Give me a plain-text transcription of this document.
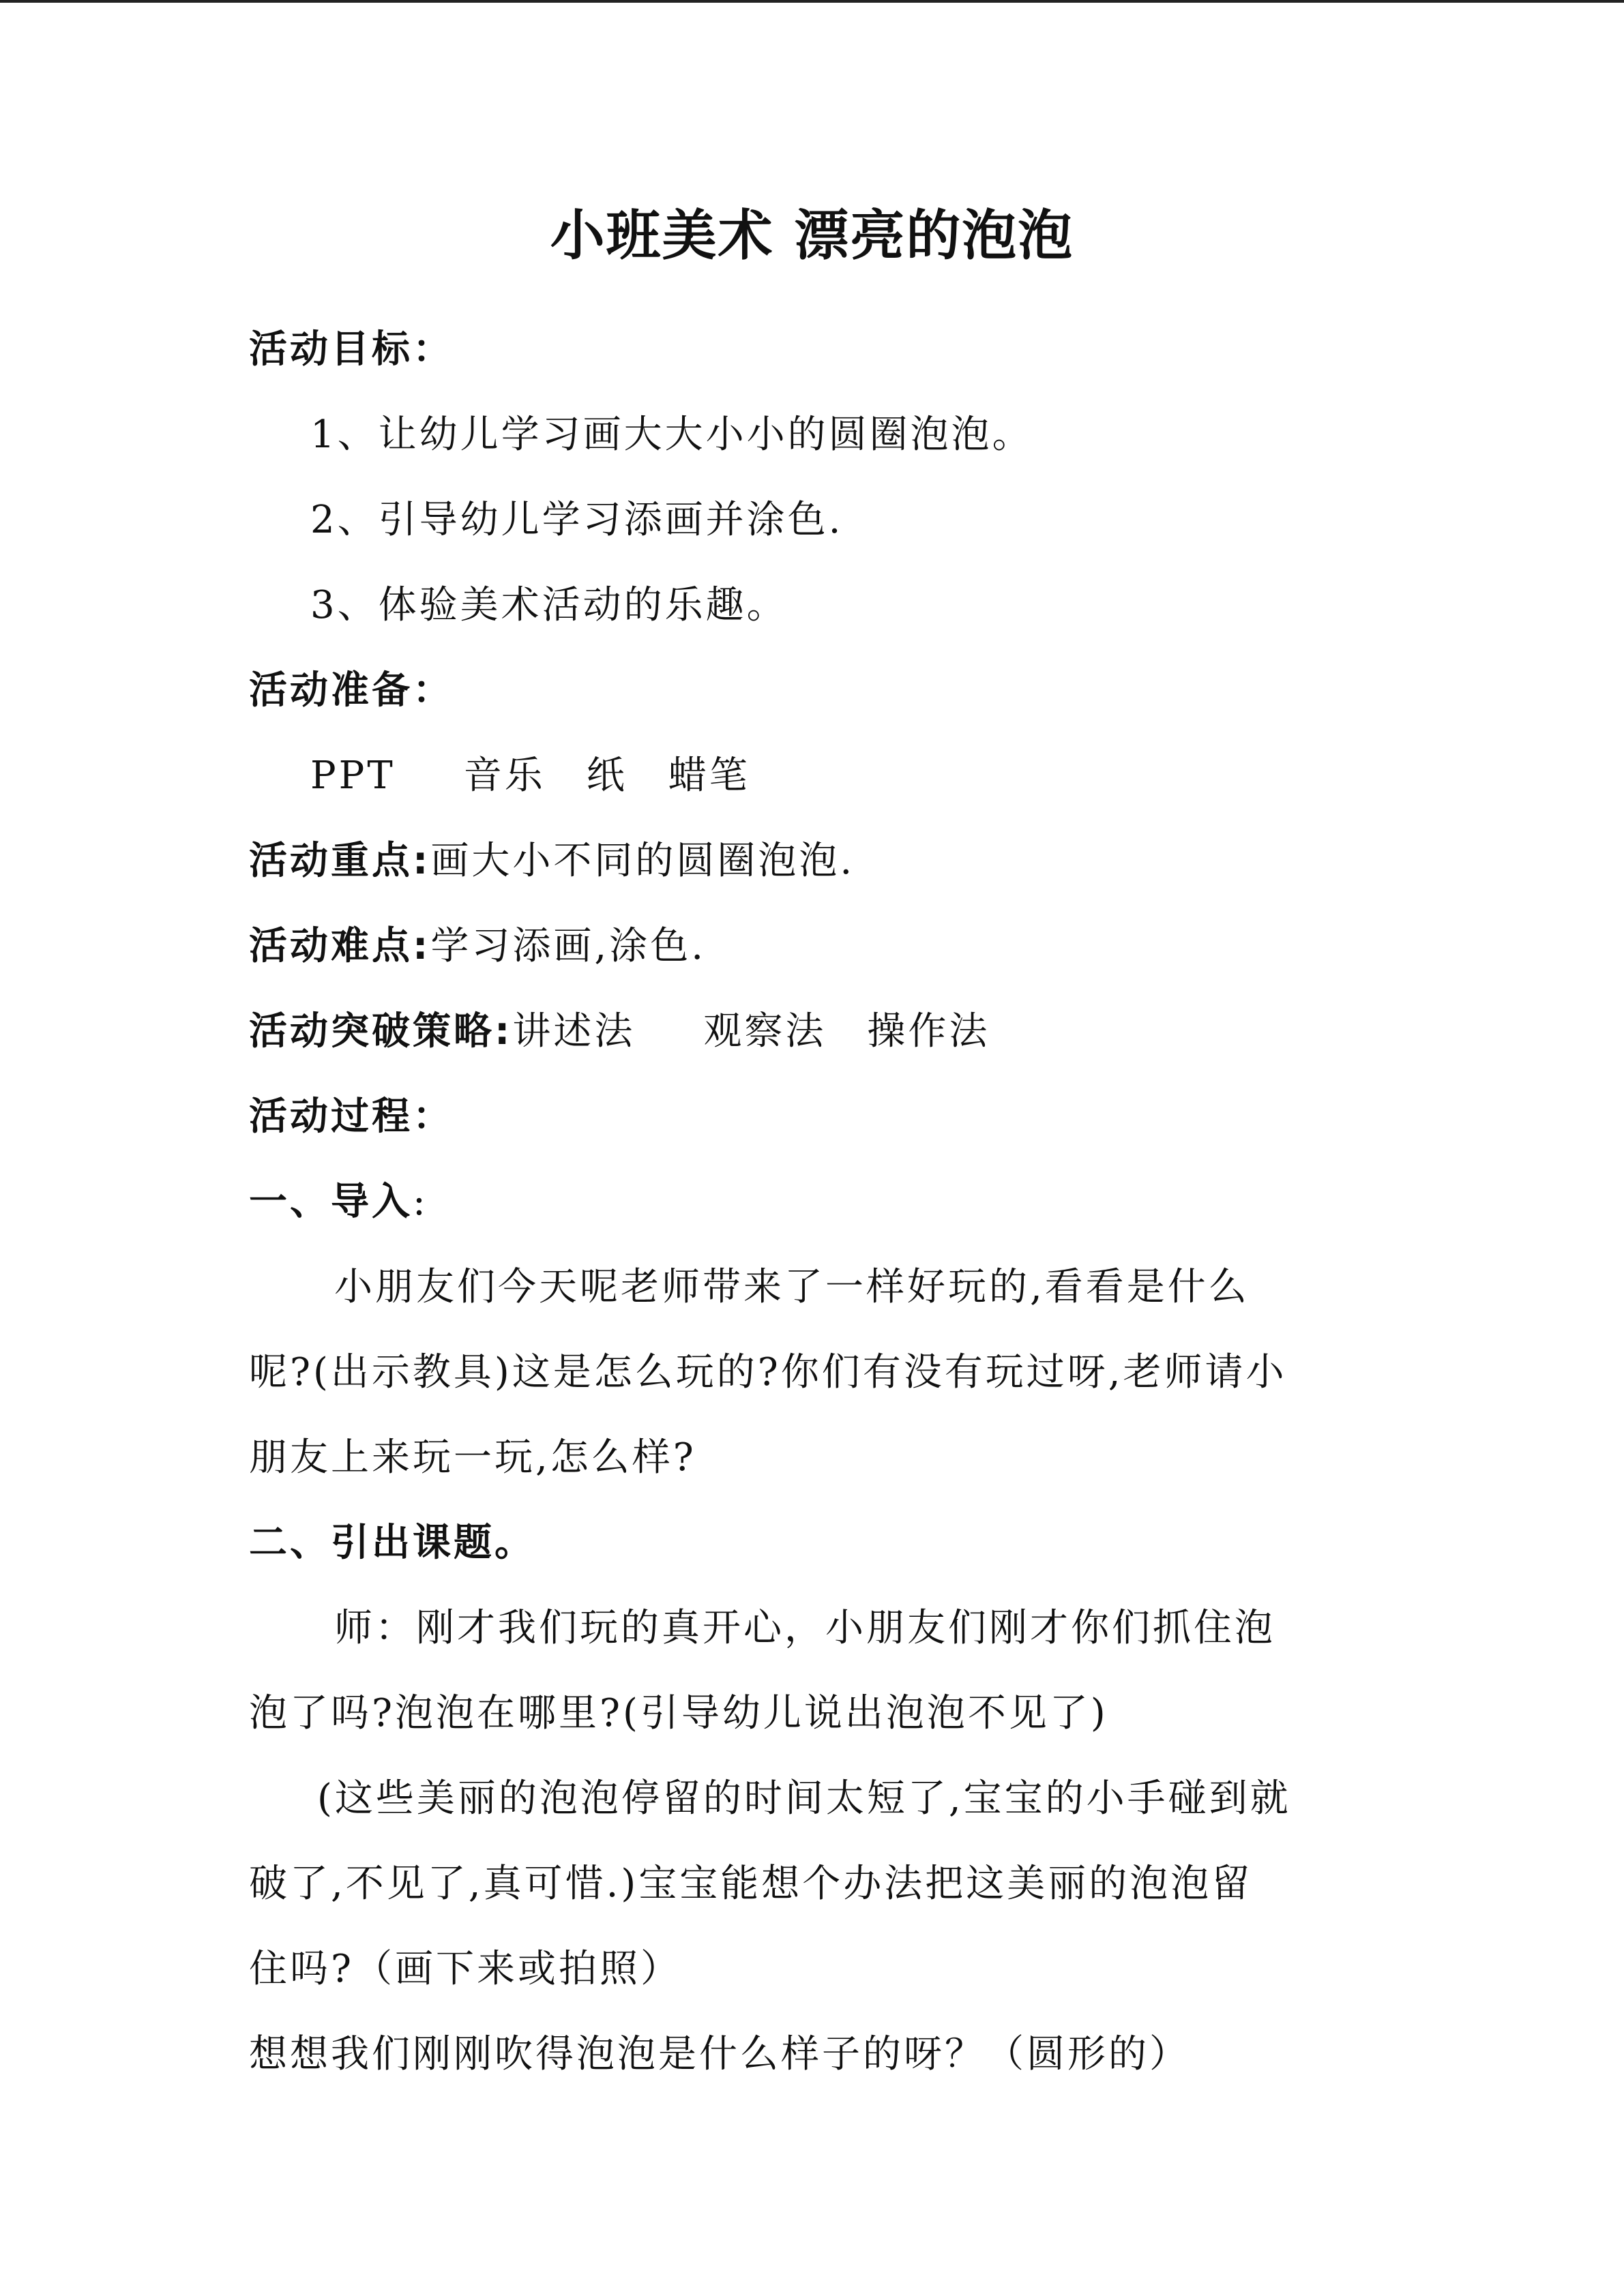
小班美术 漂亮的泡泡
活动目标：
1、让幼儿学习画大大小小的圆圈泡泡。
2、引导幼儿学习添画并涂色.
3、体验美术活动的乐趣。
活动准备：
PPT 音乐 纸 蜡笔
活动重点:画大小不同的圆圈泡泡.
活动难点:学习添画,涂色.
活动突破策略:讲述法 观察法 操作法
活动过程：
一、导入:
小朋友们今天呢老师带来了一样好玩的,看看是什么
呢?(出示教具)这是怎么玩的?你们有没有玩过呀,老师请小
朋友上来玩一玩,怎么样?
二、引出课题。
师：刚才我们玩的真开心，小朋友们刚才你们抓住泡
泡了吗?泡泡在哪里?(引导幼儿说出泡泡不见了)
(这些美丽的泡泡停留的时间太短了,宝宝的小手碰到就
破了,不见了,真可惜.)宝宝能想个办法把这美丽的泡泡留
住吗?（画下来或拍照）
想想我们刚刚吹得泡泡是什么样子的呀？（圆形的）
